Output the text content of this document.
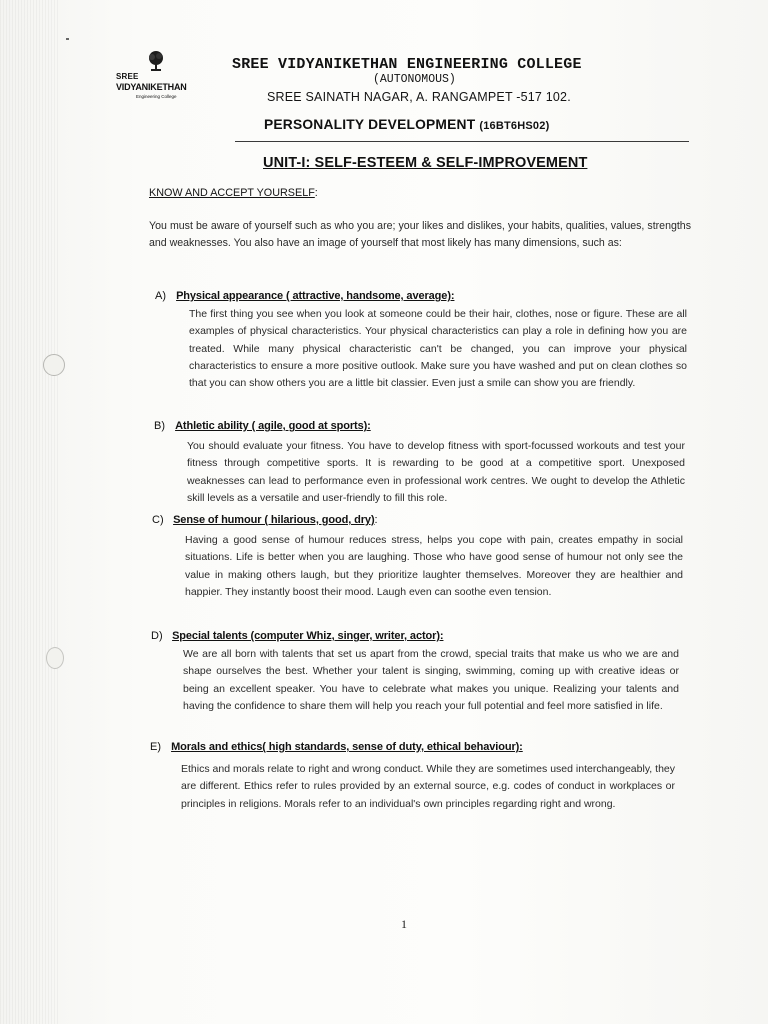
SREE
VIDYANIKETHAN
Engineering College
SREE VIDYANIKETHAN ENGINEERING COLLEGE
(AUTONOMOUS)
SREE SAINATH NAGAR, A. RANGAMPET -517 102.
PERSONALITY DEVELOPMENT (16BT6HS02)
UNIT-I: SELF-ESTEEM & SELF-IMPROVEMENT
KNOW AND ACCEPT YOURSELF:

You must be aware of yourself such as who you are; your likes and dislikes, your habits, qualities, values, strengths and weaknesses. You also have an image of yourself that most likely has many dimensions, such as:

A) Physical appearance ( attractive, handsome, average):

The first thing you see when you look at someone could be their hair, clothes, nose or figure. These are all examples of physical characteristics. Your physical characteristics can play a role in defining how you are treated. While many physical characteristic can't be changed, you can improve your physical characteristics to ensure a more positive outlook. Make sure you have washed and put on clean clothes so that you can show others you are a little bit classier. Even just a smile can show you are friendly.

B) Athletic ability ( agile, good at sports):

You should evaluate your fitness. You have to develop fitness with sport-focussed workouts and test your fitness through competitive sports. It is rewarding to be good at a competitive sport. Unexposed weaknesses can lead to performance even in professional work centres. We ought to develop the Athletic skill levels as a versatile and user-friendly to fill this role.

C) Sense of humour ( hilarious, good, dry):

Having a good sense of humour reduces stress, helps you cope with pain, creates empathy in social situations. Life is better when you are laughing. Those who have good sense of humour not only see the value in making others laugh, but they prioritize laughter themselves. Moreover they are healthier and happier. They instantly boost their mood. Laugh even can soothe even tension.

D) Special talents (computer Whiz, singer, writer, actor):

We are all born with talents that set us apart from the crowd, special traits that make us who we are and shape ourselves the best. Whether your talent is singing, swimming, coming up with creative ideas or being an excellent speaker. You have to celebrate what makes you unique. Realizing your talents and having the confidence to share them will help you reach your full potential and feel more satisfied in life.

E) Morals and ethics( high standards, sense of duty, ethical behaviour):

Ethics and morals relate to right and wrong conduct. While they are sometimes used interchangeably, they are different. Ethics refer to rules provided by an external source, e.g. codes of conduct in workplaces or principles in religions. Morals refer to an individual's own principles regarding right and wrong.

1
